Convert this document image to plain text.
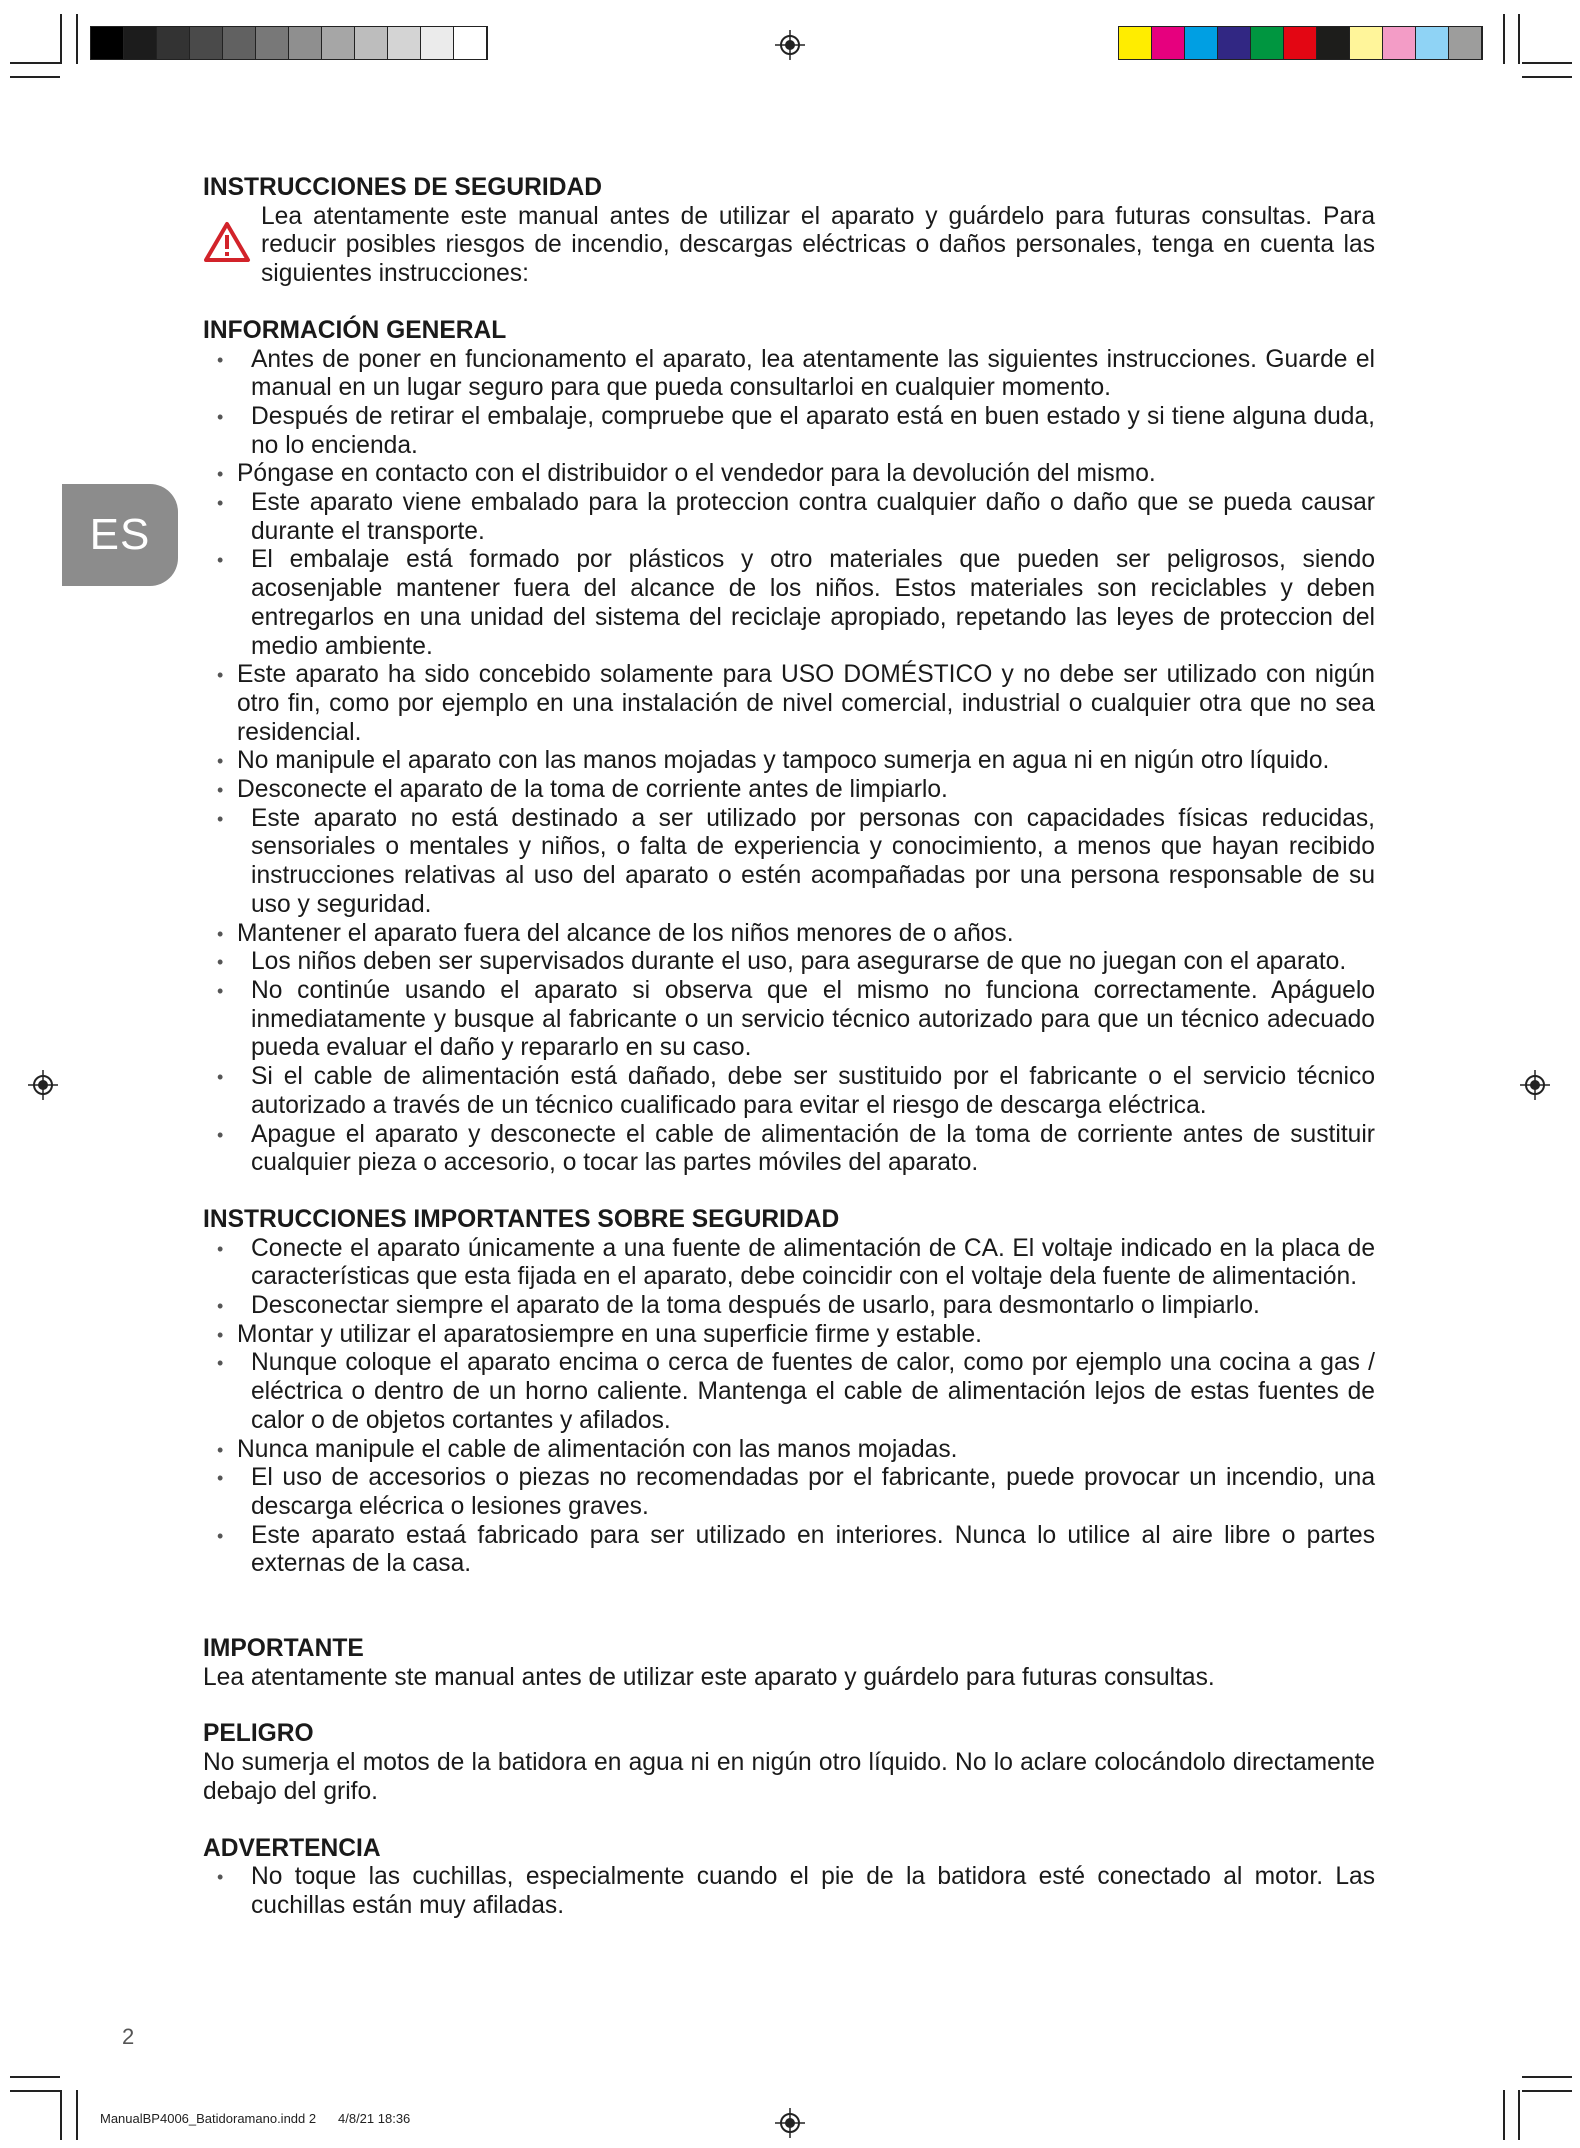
ES
INSTRUCCIONES DE SEGURIDAD
Lea atentamente este manual antes de utilizar el aparato y guárdelo para futuras consultas. Para reducir posibles riesgos de incendio, descargas eléctricas o daños personales, tenga en cuenta las siguientes instrucciones:
INFORMACIÓN GENERAL
• Antes de poner en funcionamento el aparato, lea atentamente las siguientes instrucciones. Guarde el manual en un lugar seguro para que pueda consultarloi en cualquier momento.
• Después de retirar el embalaje, compruebe que el aparato está en buen estado y si tiene alguna duda, no lo encienda.
• Póngase en contacto con el distribuidor o el vendedor para la devolución del mismo.
• Este aparato viene embalado para la proteccion contra cualquier daño o daño que se pueda causar durante el transporte.
• El embalaje está formado por plásticos y otro materiales que pueden ser peligrosos, siendo acosenjable mantener fuera del alcance de los niños. Estos materiales son reciclables y deben entregarlos en una unidad del sistema del reciclaje apropiado, repetando las leyes de proteccion del medio ambiente.
• Este aparato ha sido concebido solamente para USO DOMÉSTICO y no debe ser utilizado con nigún otro fin, como por ejemplo en una instalación de nivel comercial, industrial o cualquier otra que no sea residencial.
• No manipule el aparato con las manos mojadas y tampoco sumerja en agua ni en nigún otro líquido.
• Desconecte el aparato de la toma de corriente antes de limpiarlo.
• Este aparato no está destinado a ser utilizado por personas con capacidades físicas reducidas, sensoriales o mentales y niños, o falta de experiencia y conocimiento, a menos que hayan recibido instrucciones relativas al uso del aparato o estén acompañadas por una persona responsable de su uso y seguridad.
• Mantener el aparato fuera del alcance de los niños menores de o años.
• Los niños deben ser supervisados durante el uso, para asegurarse de que no juegan con el aparato.
• No continúe usando el aparato si observa que el mismo no funciona correctamente. Apáguelo inmediatamente y busque al fabricante o un servicio técnico autorizado para que un técnico adecuado pueda evaluar el daño y repararlo en su caso.
• Si el cable de alimentación está dañado, debe ser sustituido por el fabricante o el servicio técnico autorizado a través de un técnico cualificado para evitar el riesgo de descarga eléctrica.
• Apague el aparato y desconecte el cable de alimentación de la toma de corriente antes de sustituir cualquier pieza o accesorio, o tocar las partes móviles del aparato.
INSTRUCCIONES IMPORTANTES SOBRE SEGURIDAD
• Conecte el aparato únicamente a una fuente de alimentación de CA. El voltaje indicado en la placa de características que esta fijada en el aparato, debe coincidir con el voltaje dela fuente de alimentación.
• Desconectar siempre el aparato de la toma después de usarlo, para desmontarlo o limpiarlo.
• Montar y utilizar el aparatosiempre en una superficie firme y estable.
• Nunque coloque el aparato encima o cerca de fuentes de calor, como por ejemplo una cocina a gas / eléctrica o dentro de un horno caliente. Mantenga el cable de alimentación lejos de estas fuentes de calor o de objetos cortantes y afilados.
• Nunca manipule el cable de alimentación con las manos mojadas.
• El uso de accesorios o piezas no recomendadas por el fabricante, puede provocar un incendio, una descarga elécrica o lesiones graves.
• Este aparato estaá fabricado para ser utilizado en interiores. Nunca lo utilice al aire libre o partes externas de la casa.
IMPORTANTE

Lea atentamente ste manual antes de utilizar este aparato y guárdelo para futuras consultas.

PELIGRO

No sumerja el motos de la batidora en agua ni en nigún otro líquido. No lo aclare colocándolo directamente debajo del grifo.

ADVERTENCIA
• No toque las cuchillas, especialmente cuando el pie de la batidora esté conectado al motor. Las cuchillas están muy afiladas.
2
ManualBP4006_Batidoramano.indd 2 4/8/21 18:36
